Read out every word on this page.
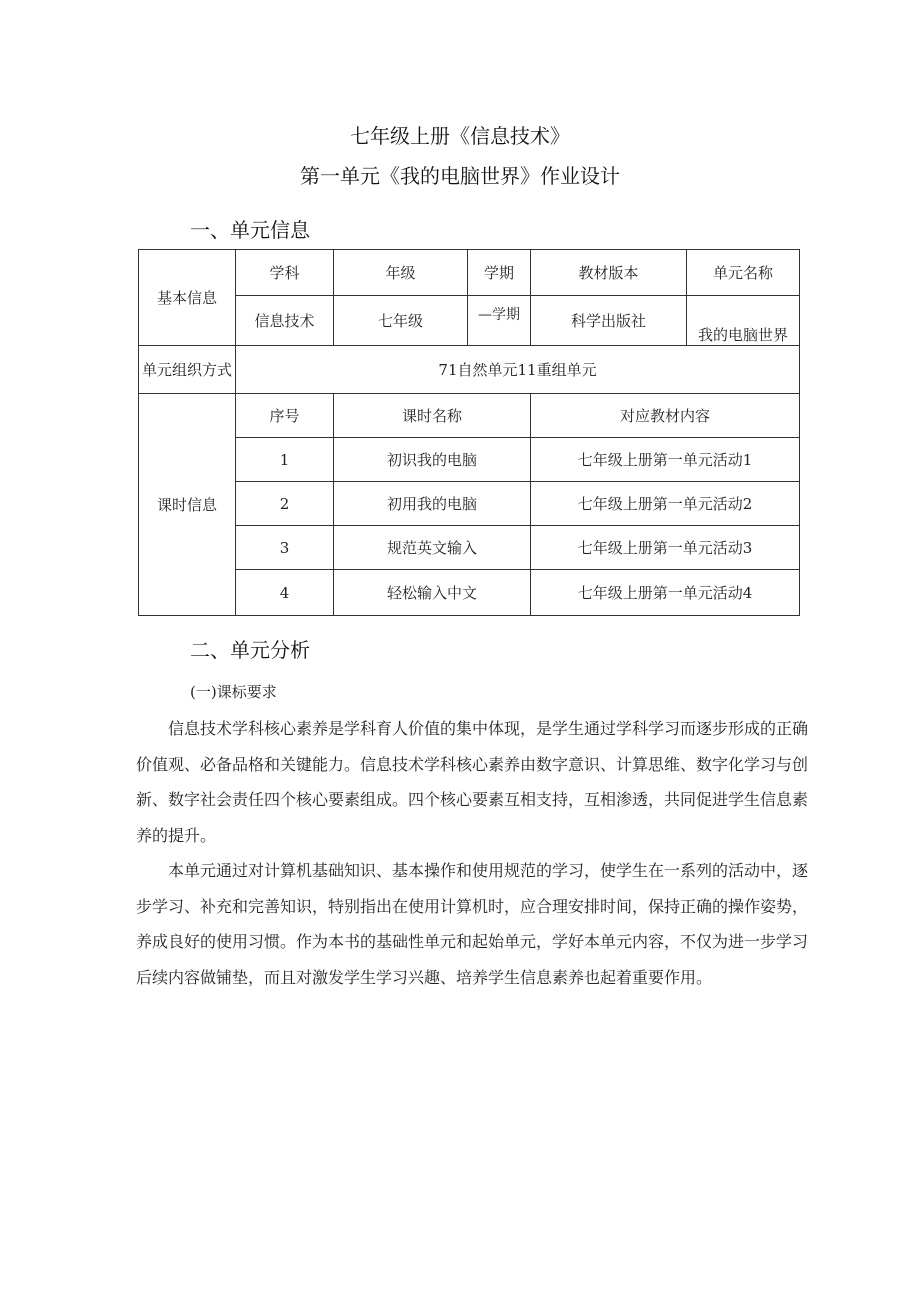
七年级上册《信息技术》
第一单元《我的电脑世界》作业设计
一、单元信息
基本信息	学科	年级	学期	教材版本	单元名称
	信息技术	七年级	—学期	科学出版社	我的电脑世界
单元组织方式	71自然单元11重组单元				
课时信息	序号	课时名称		对应教材内容	
	1	初识我的电脑		七年级上册第一单元活动1	
	2	初用我的电脑		七年级上册第一单元活动2	
	3	规范英文输入		七年级上册第一单元活动3	
	4	轻松输入中文		七年级上册第一单元活动4	
二、单元分析
(一)课标要求

信息技术学科核心素养是学科育人价值的集中体现，是学生通过学科学习而逐步形成的正确价值观、必备品格和关键能力。信息技术学科核心素养由数字意识、计算思维、数字化学习与创新、数字社会责任四个核心要素组成。四个核心要素互相支持，互相渗透，共同促进学生信息素养的提升。

本单元通过对计算机基础知识、基本操作和使用规范的学习，使学生在一系列的活动中，逐步学习、补充和完善知识，特别指出在使用计算机时，应合理安排时间，保持正确的操作姿势，养成良好的使用习惯。作为本书的基础性单元和起始单元，学好本单元内容，不仅为进一步学习后续内容做铺垫，而且对激发学生学习兴趣、培养学生信息素养也起着重要作用。
